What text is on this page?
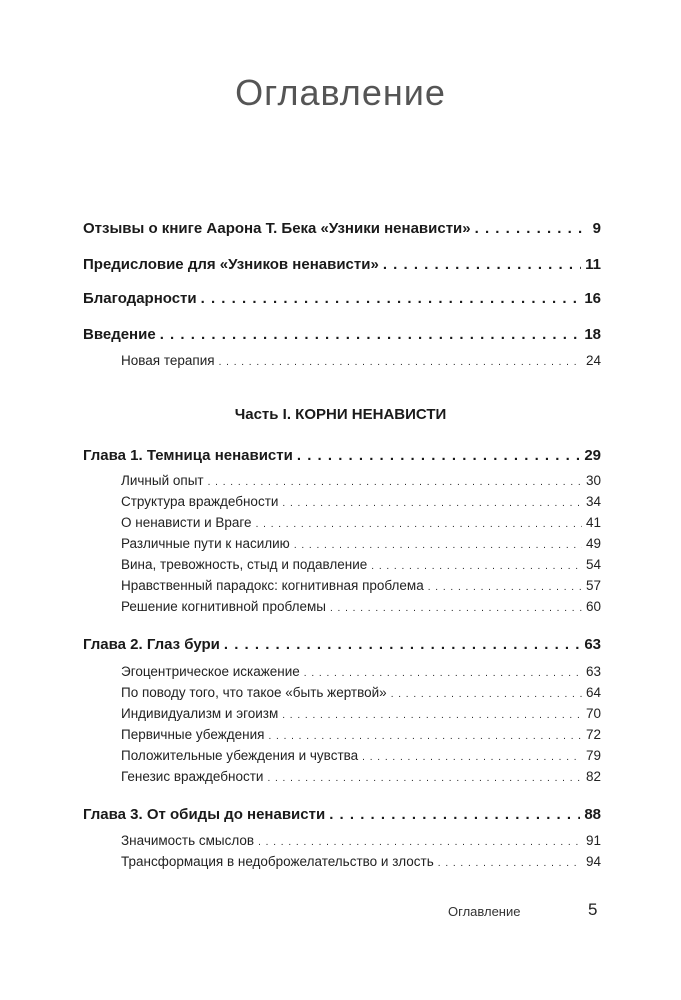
Оглавление
Отзывы о книге Аарона Т. Бека «Узники ненависти» . . .	9
Предисловие для «Узников ненависти» . . .	11
Благодарности . . .	16
Введение . . .	18
Новая терапия . . .	24
Глава 1. Темница ненависти . . .	29
Личный опыт . . .	30
Структура враждебности . . .	34
О ненависти и Враге . . .	41
Различные пути к насилию . . .	49
Вина, тревожность, стыд и подавление . . .	54
Нравственный парадокс: когнитивная проблема . . .	57
Решение когнитивной проблемы . . .	60
Глава 2. Глаз бури . . .	63
Эгоцентрическое искажение . . .	63
По поводу того, что такое «быть жертвой» . . .	64
Индивидуализм и эгоизм . . .	70
Первичные убеждения . . .	72
Положительные убеждения и чувства . . .	79
Генезис враждебности . . .	82
Глава 3. От обиды до ненависти . . .	88
Значимость смыслов . . .	91
Трансформация в недоброжелательство и злость . . .	94
Часть I. КОРНИ НЕНАВИСТИ
Оглавление	5
